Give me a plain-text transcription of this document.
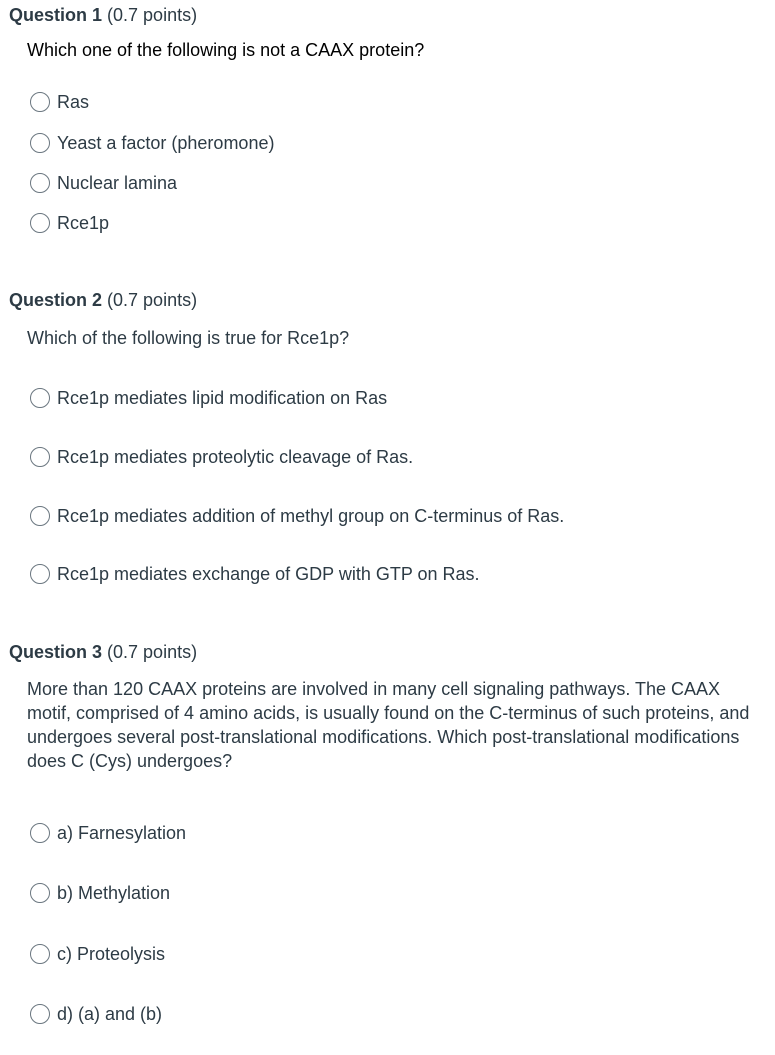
Question 1 (0.7 points)
Which one of the following is not a CAAX protein?
Ras
Yeast a factor (pheromone)
Nuclear lamina
Rce1p
Question 2 (0.7 points)
Which of the following is true for Rce1p?
Rce1p mediates lipid modification on Ras
Rce1p mediates proteolytic cleavage of Ras.
Rce1p mediates addition of methyl group on C-terminus of Ras.
Rce1p mediates exchange of GDP with GTP on Ras.
Question 3 (0.7 points)
More than 120 CAAX proteins are involved in many cell signaling pathways. The CAAX motif, comprised of 4 amino acids, is usually found on the C-terminus of such proteins, and undergoes several post-translational modifications. Which post-translational modifications does C (Cys) undergoes?
a) Farnesylation
b) Methylation
c) Proteolysis
d) (a) and (b)
